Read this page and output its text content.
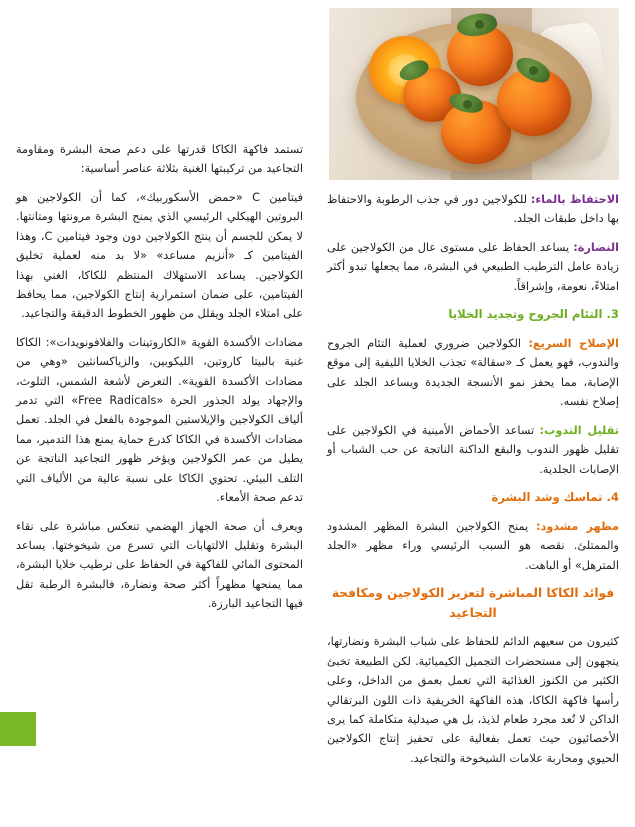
الاحتفاظ بالماء: للكولاجين دور في جذب الرطوبة والاحتفاظ بها داخل طبقات الجلد.

النضارة: يساعد الحفاظ على مستوى عال من الكولاجين على زيادة عامل الترطيب الطبيعي في البشرة، مما يجعلها تبدو أكثر امتلاءً، نعومة، وإشراقاً.

3. التئام الجروح وتجديد الخلايا

الإصلاح السريع: الكولاجين ضروري لعملية التئام الجروح والندوب، فهو يعمل كـ «سقالة» تجذب الخلايا الليفية إلى موقع الإصابة، مما يحفز نمو الأنسجة الجديدة ويساعد الجلد على إصلاح نفسه.

تقليل الندوب: تساعد الأحماض الأمينية في الكولاجين على تقليل ظهور الندوب والبقع الداكنة الناتجة عن حب الشباب أو الإصابات الجلدية.

4. تماسك وشد البشرة

مظهر مشدود: يمنح الكولاجين البشرة المظهر المشدود والممتلئ. نقصه هو السبب الرئيسي وراء مظهر «الجلد المترهل» أو الباهت.

فوائد الكاكا المباشرة لتعزيز الكولاجين ومكافحة التجاعيد

كثيرون من سعيهم الدائم للحفاظ على شباب البشرة ونضارتها، يتجهون إلى مستحضرات التجميل الكيميائية. لكن الطبيعة تخبئ الكثير من الكنوز الغذائية التي تعمل بعمق من الداخل، وعلى رأسها فاكهة الكاكا، هذه الفاكهة الخريفية ذات اللون البرتقالي الداكن لا تُعد مجرد طعام لذيذ، بل هي صيدلية متكاملة كما يرى الأخصائيون حيث تعمل بفعالية على تحفيز إنتاج الكولاجين الحيوي ومحاربة علامات الشيخوخة والتجاعيد.

تستمد فاكهة الكاكا قدرتها على دعم صحة البشرة ومقاومة التجاعيد من تركيبتها الغنية بثلاثة عناصر أساسية:

فيتامين C «حمض الأسكوربيك»، كما أن الكولاجين هو البروتين الهيكلي الرئيسي الذي يمنح البشرة مرونتها ومتانتها. لا يمكن للجسم أن ينتج الكولاجين دون وجود فيتامين C، وهذا الفيتامين كـ «أنزيم مساعد» «لا بد منه لعملية تخليق الكولاجين. يساعد الاستهلاك المنتظم للكاكا، الغني بهذا الفيتامين، على ضمان استمرارية إنتاج الكولاجين، مما يحافظ على امتلاء الجلد ويقلل من ظهور الخطوط الدقيقة والتجاعيد.

مضادات الأكسدة القوية «الكاروتينات والفلافونويدات»: الكاكا غنية بالبيتا كاروتين، الليكوبين، والزياكسانثين «وهي من مضادات الأكسدة القوية». التعرض لأشعة الشمس، التلوث، والإجهاد يولد الجذور الحرة «Free Radicals» التي تدمر ألياف الكولاجين والإيلاستين الموجودة بالفعل في الجلد. تعمل مضادات الأكسدة في الكاكا كدرع حماية يمنع هذا التدمير، مما يطيل من عمر الكولاجين ويؤخر ظهور التجاعيد الناتجة عن التلف البيئي. تحتوي الكاكا على نسبة عالية من الألياف التي تدعم صحة الأمعاء.

ويعرف أن صحة الجهاز الهضمي تنعكس مباشرة على نقاء البشرة وتقليل الالتهابات التي تسرع من شيخوختها. يساعد المحتوى المائي للفاكهة في الحفاظ على ترطيب خلايا البشرة، مما يمنحها مظهراً أكثر صحة ونضارة، فالبشرة الرطبة تقل فيها التجاعيد البارزة.
